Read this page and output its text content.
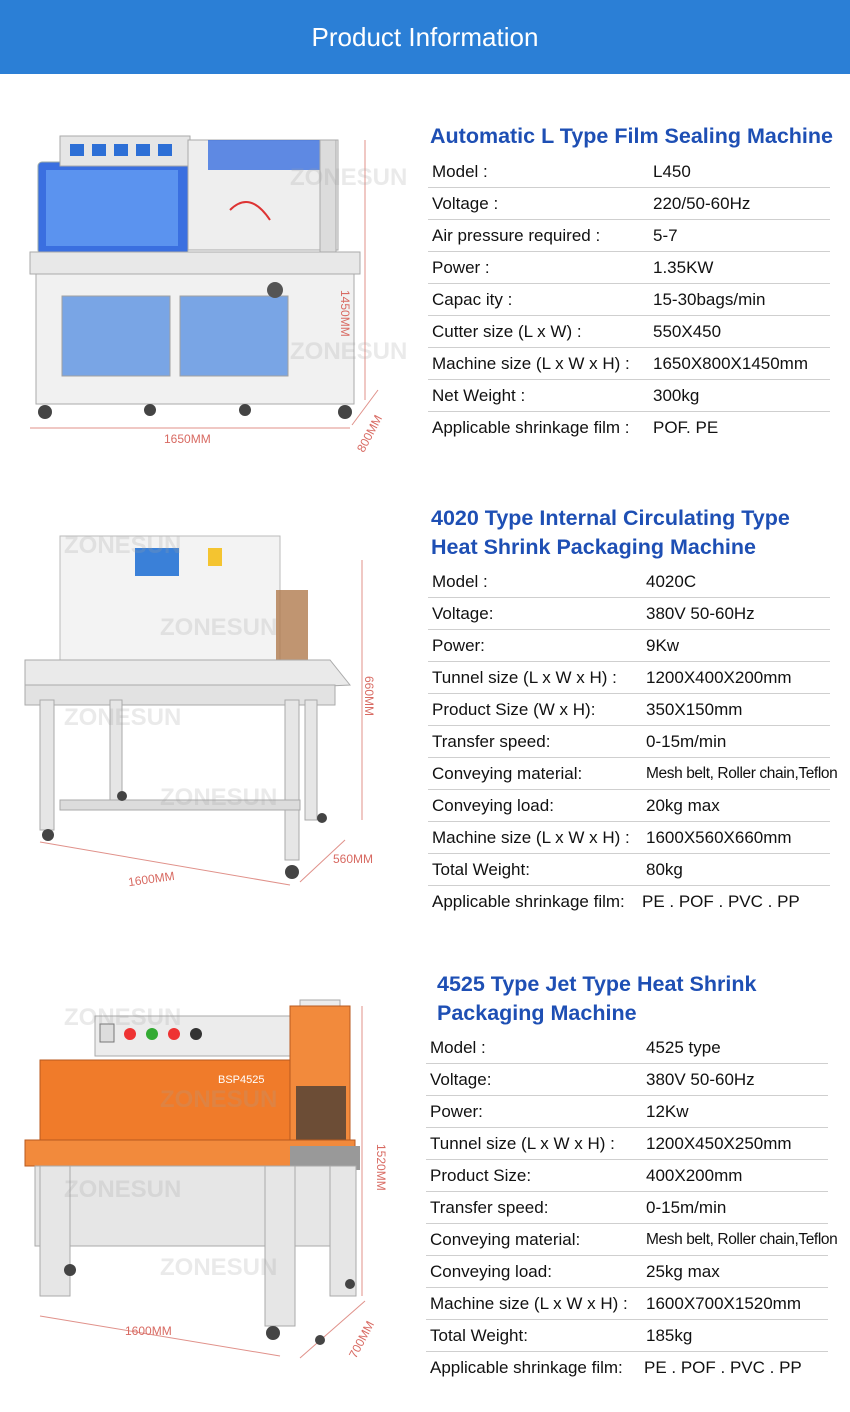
Product Information
1650MM
1450MM
800MM
ZONESUN
ZONESUN
Automatic L Type Film Sealing Machine
Model :	L450
Voltage :	220/50-60Hz
Air pressure required :	5-7
Power :	1.35KW
Capac ity :	15-30bags/min
Cutter size (L x W) :	550X450
Machine size (L x W x H) : 1650X800X1450mm
Net Weight :	300kg
Applicable shrinkage film : POF. PE
1600MM
560MM
660MM
ZONESUN
ZONESUN
ZONESUN
ZONESUN
4020 Type Internal Circulating Type
Heat Shrink Packaging Machine
Model :	4020C
Voltage:	380V 50-60Hz
Power:	9Kw
Tunnel size (L x W x H) : 1200X400X200mm
Product Size (W x H):	350X150mm
Transfer speed:	0-15m/min
Conveying material:	Mesh belt, Roller chain,Teflon
Conveying load:	20kg max
Machine size (L x W x H) : 1600X560X660mm
Total Weight:	80kg
Applicable shrinkage film: PE . POF . PVC . PP
BSP4525
1600MM	700MM
1520MM
ZONESUN
ZONESUN
ZONESUN
ZONESUN
4525 Type Jet Type Heat Shrink
Packaging Machine
Model :	4525 type
Voltage:	380V 50-60Hz
Power:	12Kw
Tunnel size (L x W x H) : 1200X450X250mm
Product Size:	400X200mm
Transfer speed:	0-15m/min
Conveying material:	Mesh belt, Roller chain,Teflon
Conveying load:	25kg max
Machine size (L x W x H) : 1600X700X1520mm
Total Weight:	185kg
Applicable shrinkage film: PE . POF . PVC . PP
